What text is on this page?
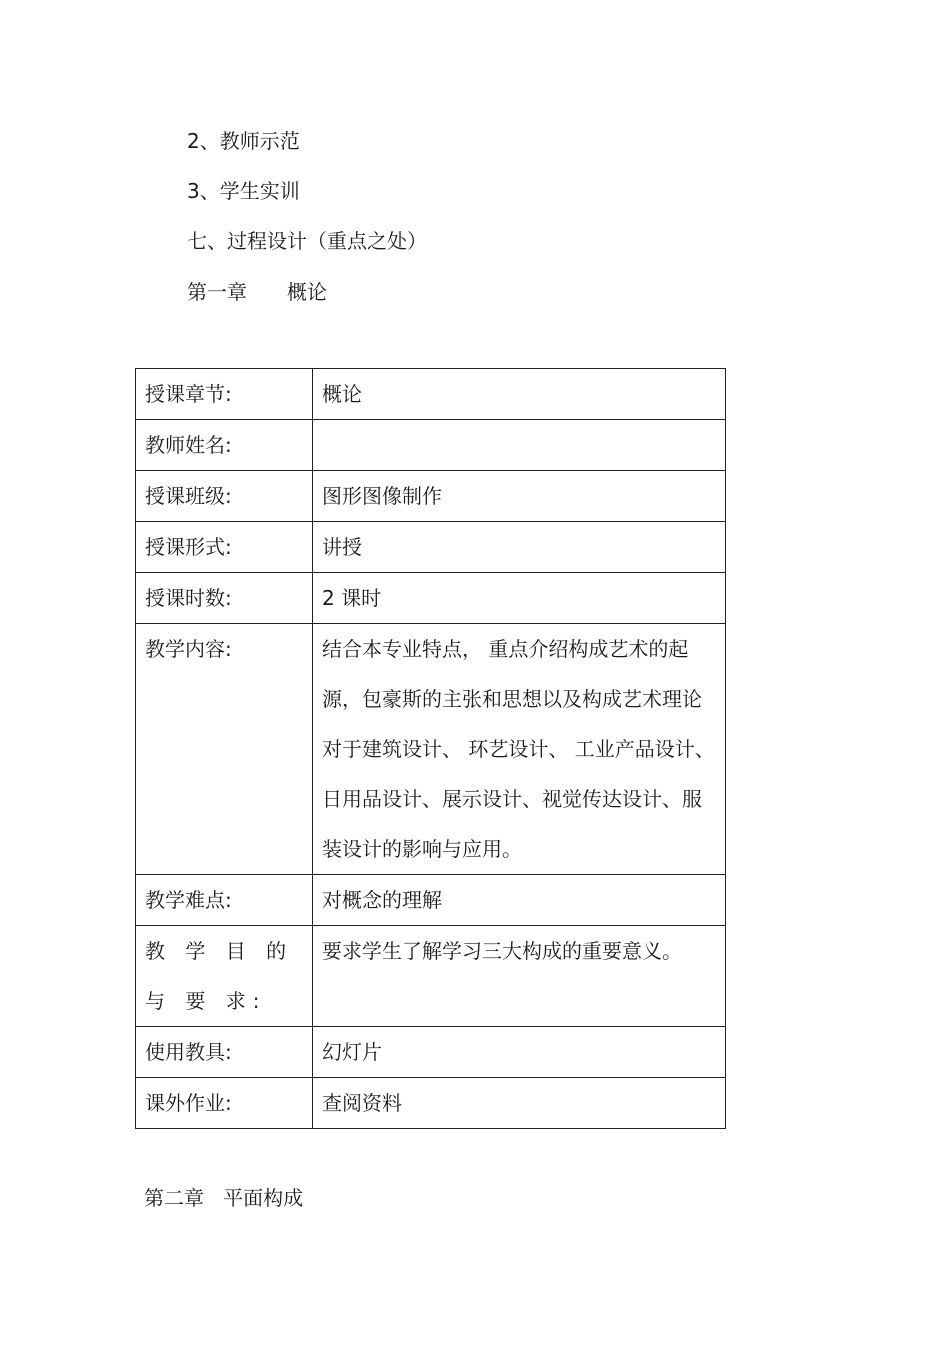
2、教师示范
3、学生实训
七、过程设计（重点之处）
第一章 概论
授课章节:	概论
教师姓名:	
授课班级:	图形图像制作
授课形式:	讲授
授课时数:	2 课时
教学内容:	结合本专业特点， 重点介绍构成艺术的起源，包豪斯的主张和思想以及构成艺术理论对于建筑设计、 环艺设计、 工业产品设计、日用品设计、展示设计、视觉传达设计、服装设计的影响与应用。
教学难点:	对概念的理解
教 学 目 的 与 要 求:	要求学生了解学习三大构成的重要意义。
使用教具:	幻灯片
课外作业:	查阅资料
第二章   平面构成
